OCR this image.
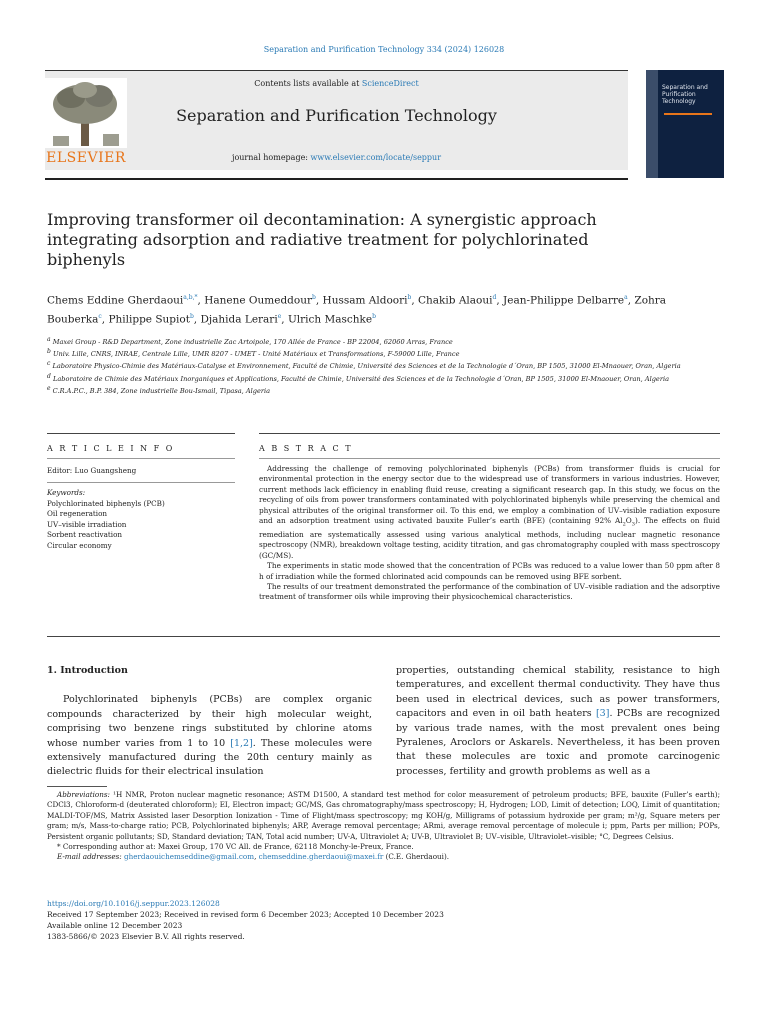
Separation and Purification Technology 334 (2024) 126028
ELSEVIER
Contents lists available at ScienceDirect
Separation and Purification Technology
journal homepage: www.elsevier.com/locate/seppur
Separation and Purification Technology
Improving transformer oil decontamination: A synergistic approach integrating adsorption and radiative treatment for polychlorinated biphenyls
Chems Eddine Gherdaoui$^{a,b,*}$, Hanene Oumeddour$^b$, Hussam Aldoori$^b$, Chakib Alaoui$^d$, Jean-Philippe Delbarre$^a$, Zohra Bouberka$^c$, Philippe Supiot$^b$, Djahida Lerari$^e$, Ulrich Maschke$^b$
a Maxei Group - R&D Department, Zone industrielle Zac Artoipole, 170 Allée de France - BP 22004, 62060 Arras, France
b Univ. Lille, CNRS, INRAE, Centrale Lille, UMR 8207 - UMET - Unité Matériaux et Transformations, F-59000 Lille, France
c Laboratoire Physico-Chimie des Matériaux-Catalyse et Environnement, Faculté de Chimie, Université des Sciences et de la Technologie d´Oran, BP 1505, 31000 El-Mnaouer, Oran, Algeria
d Laboratoire de Chimie des Matériaux Inorganiques et Applications, Faculté de Chimie, Université des Sciences et de la Technologie d´Oran, BP 1505, 31000 El-Mnaouer, Oran, Algeria
e C.R.A.P.C., B.P. 384, Zone industrielle Bou-Ismail, Tipasa, Algeria
A R T I C L E I N F O	A B S T R A C T
Editor: Luo Guangsheng
Keywords:
Polychlorinated biphenyls (PCB)
Oil regeneration
UV–visible irradiation
Sorbent reactivation
Circular economy

Addressing the challenge of removing polychlorinated biphenyls (PCBs) from transformer fluids is crucial for environmental protection in the energy sector due to the widespread use of transformers in various industries. However, current methods lack efficiency in enabling fluid reuse, creating a significant research gap. In this study, we focus on the recycling of oils from power transformers contaminated with polychlorinated biphenyls while preserving the chemical and physical attributes of the original transformer oil. To this end, we employ a combination of UV–visible radiation exposure and an adsorption treatment using activated bauxite Fuller’s earth (BFE) (containing 92% $Al_2O_3$). The effects on fluid remediation are systematically assessed using various analytical methods, including nuclear magnetic resonance spectroscopy (NMR), breakdown voltage testing, acidity titration, and gas chromatography coupled with mass spectroscopy (GC/MS).

The experiments in static mode showed that the concentration of PCBs was reduced to a value lower than 50 ppm after 8 h of irradiation while the formed chlorinated acid compounds can be removed using BFE sorbent.

The results of our treatment demonstrated the performance of the combination of UV–visible radiation and the adsorptive treatment of transformer oils while improving their physicochemical characteristics.

1. Introduction

Polychlorinated biphenyls (PCBs) are complex organic compounds characterized by their high molecular weight, comprising two benzene rings substituted by chlorine atoms whose number varies from 1 to 10 [1,2]. These molecules were extensively manufactured during the 20th century mainly as dielectric fluids for their electrical insulation

properties, outstanding chemical stability, resistance to high temperatures, and excellent thermal conductivity. They have thus been used in electrical devices, such as power transformers, capacitors and even in oil bath heaters [3]. PCBs are recognized by various trade names, with the most prevalent ones being Pyralenes, Aroclors or Askarels. Nevertheless, it has been proven that these molecules are toxic and promote carcinogenic processes, fertility and growth problems as well as a

Abbreviations: ¹H NMR, Proton nuclear magnetic resonance; ASTM D1500, A standard test method for color measurement of petroleum products; BFE, bauxite (Fuller’s earth); CDCl3, Chloroform-d (deuterated chloroform); EI, Electron impact; GC/MS, Gas chromatography/mass spectroscopy; H, Hydrogen; LOD, Limit of detection; LOQ, Limit of quantitation; MALDI-TOF/MS, Matrix Assisted laser Desorption Ionization - Time of Flight/mass spectroscopy; mg KOH/g, Milligrams of potassium hydroxide per gram; m²/g, Square meters per gram; m/s, Mass-to-charge ratio; PCB, Polychlorinated biphenyls; ARP, Average removal percentage; ARmi, average removal percentage of molecule i; ppm, Parts per million; POPs, Persistent organic pollutants; SD, Standard deviation; TAN, Total acid number; UV-A, Ultraviolet A; UV-B, Ultraviolet B; UV–visible, Ultraviolet–visible; °C, Degrees Celsius.

* Corresponding author at: Maxei Group, 170 VC All. de France, 62118 Monchy-le-Preux, France.

E-mail addresses: gherdaouichemseddine@gmail.com, chemseddine.gherdaoui@maxei.fr (C.E. Gherdaoui).

https://doi.org/10.1016/j.seppur.2023.126028
Received 17 September 2023; Received in revised form 6 December 2023; Accepted 10 December 2023
Available online 12 December 2023
1383-5866/© 2023 Elsevier B.V. All rights reserved.
